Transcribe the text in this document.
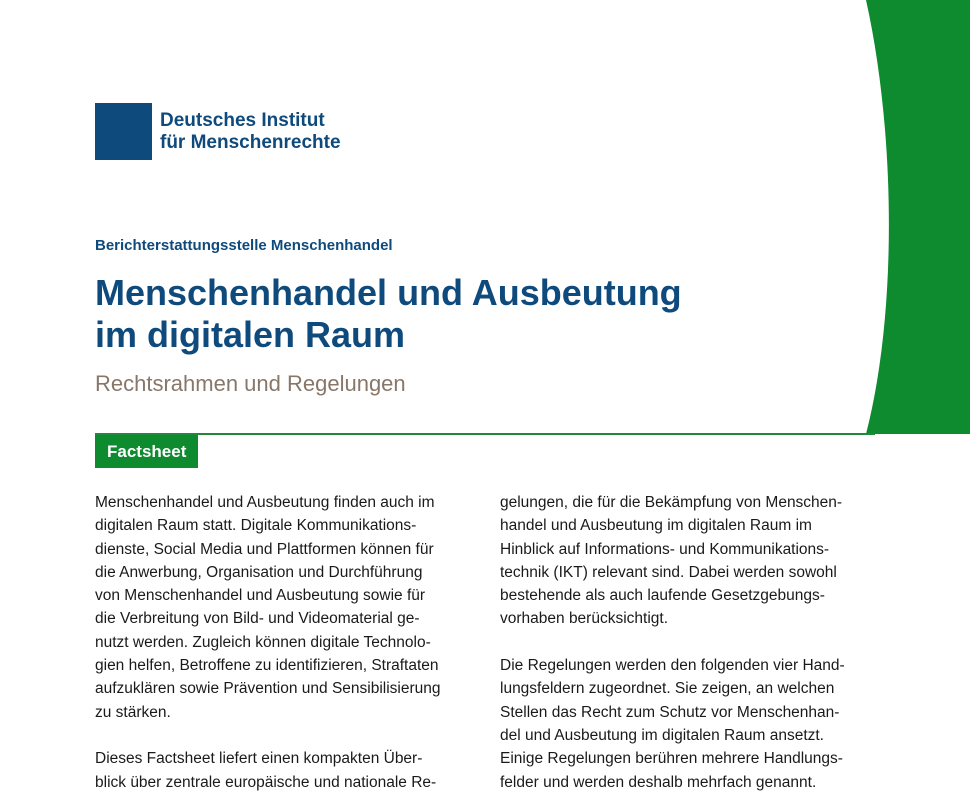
Deutsches Institut
für Menschenrechte

Berichterstattungsstelle Menschenhandel

Menschenhandel und Ausbeutung
im digitalen Raum
Rechtsrahmen und Regelungen
Factsheet

Menschenhandel und Ausbeutung finden auch im
digitalen Raum statt. Digitale Kommunikations-
dienste, Social Media und Plattformen können für
die Anwerbung, Organisation und Durchführung
von Menschenhandel und Ausbeutung sowie für
die Verbreitung von Bild- und Videomaterial ge-
nutzt werden. Zugleich können digitale Technolo-
gien helfen, Betroffene zu identifizieren, Straftaten
aufzuklären sowie Prävention und Sensibilisierung
zu stärken.

Dieses Factsheet liefert einen kompakten Über-
blick über zentrale europäische und nationale Re-

gelungen, die für die Bekämpfung von Menschen-
handel und Ausbeutung im digitalen Raum im
Hinblick auf Informations- und Kommunikations-
technik (IKT) relevant sind. Dabei werden sowohl
bestehende als auch laufende Gesetzgebungs-
vorhaben berücksichtigt.

Die Regelungen werden den folgenden vier Hand-
lungsfeldern zugeordnet. Sie zeigen, an welchen
Stellen das Recht zum Schutz vor Menschenhan-
del und Ausbeutung im digitalen Raum ansetzt.
Einige Regelungen berühren mehrere Handlungs-
felder und werden deshalb mehrfach genannt.
